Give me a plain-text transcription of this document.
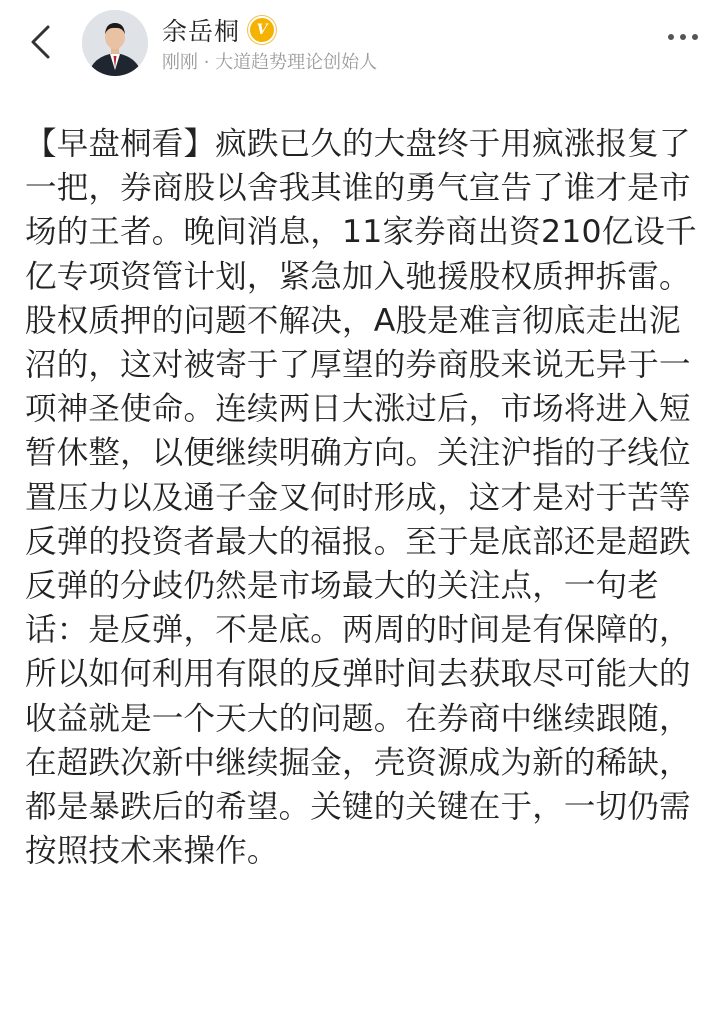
余岳桐	V
刚刚 · 大道趋势理论创始人
【早盘桐看】疯跌已久的大盘终于用疯涨报复了一把，券商股以舍我其谁的勇气宣告了谁才是市场的王者。晚间消息，11家券商出资210亿设千亿专项资管计划，紧急加入驰援股权质押拆雷。股权质押的问题不解决，A股是难言彻底走出泥沼的，这对被寄于了厚望的券商股来说无异于一项神圣使命。连续两日大涨过后，市场将进入短暂休整，以便继续明确方向。关注沪指的子线位置压力以及通子金叉何时形成，这才是对于苦等反弹的投资者最大的福报。至于是底部还是超跌反弹的分歧仍然是市场最大的关注点，一句老话：是反弹，不是底。两周的时间是有保障的，所以如何利用有限的反弹时间去获取尽可能大的收益就是一个天大的问题。在券商中继续跟随，在超跌次新中继续掘金，壳资源成为新的稀缺，都是暴跌后的希望。关键的关键在于，一切仍需按照技术来操作。
